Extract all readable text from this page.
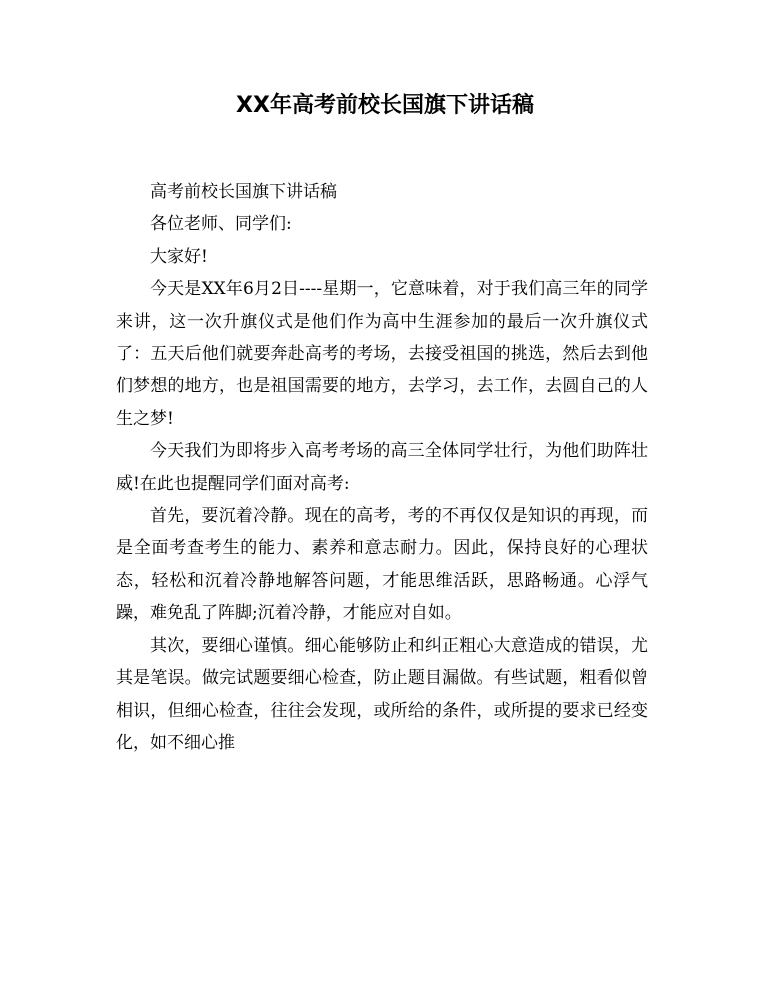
XX年高考前校长国旗下讲话稿

高考前校长国旗下讲话稿

各位老师、同学们:

大家好!

今天是XX年6月2日----星期一，它意味着，对于我们高三年的同学来讲，这一次升旗仪式是他们作为高中生涯参加的最后一次升旗仪式了：五天后他们就要奔赴高考的考场，去接受祖国的挑选，然后去到他们梦想的地方，也是祖国需要的地方，去学习，去工作，去圆自己的人生之梦!

今天我们为即将步入高考考场的高三全体同学壮行，为他们助阵壮威!在此也提醒同学们面对高考:

首先，要沉着冷静。现在的高考，考的不再仅仅是知识的再现，而是全面考查考生的能力、素养和意志耐力。因此，保持良好的心理状态，轻松和沉着冷静地解答问题，才能思维活跃，思路畅通。心浮气躁，难免乱了阵脚;沉着冷静，才能应对自如。

其次，要细心谨慎。细心能够防止和纠正粗心大意造成的错误，尤其是笔误。做完试题要细心检查，防止题目漏做。有些试题，粗看似曾相识，但细心检查，往往会发现，或所给的条件，或所提的要求已经变化，如不细心推
